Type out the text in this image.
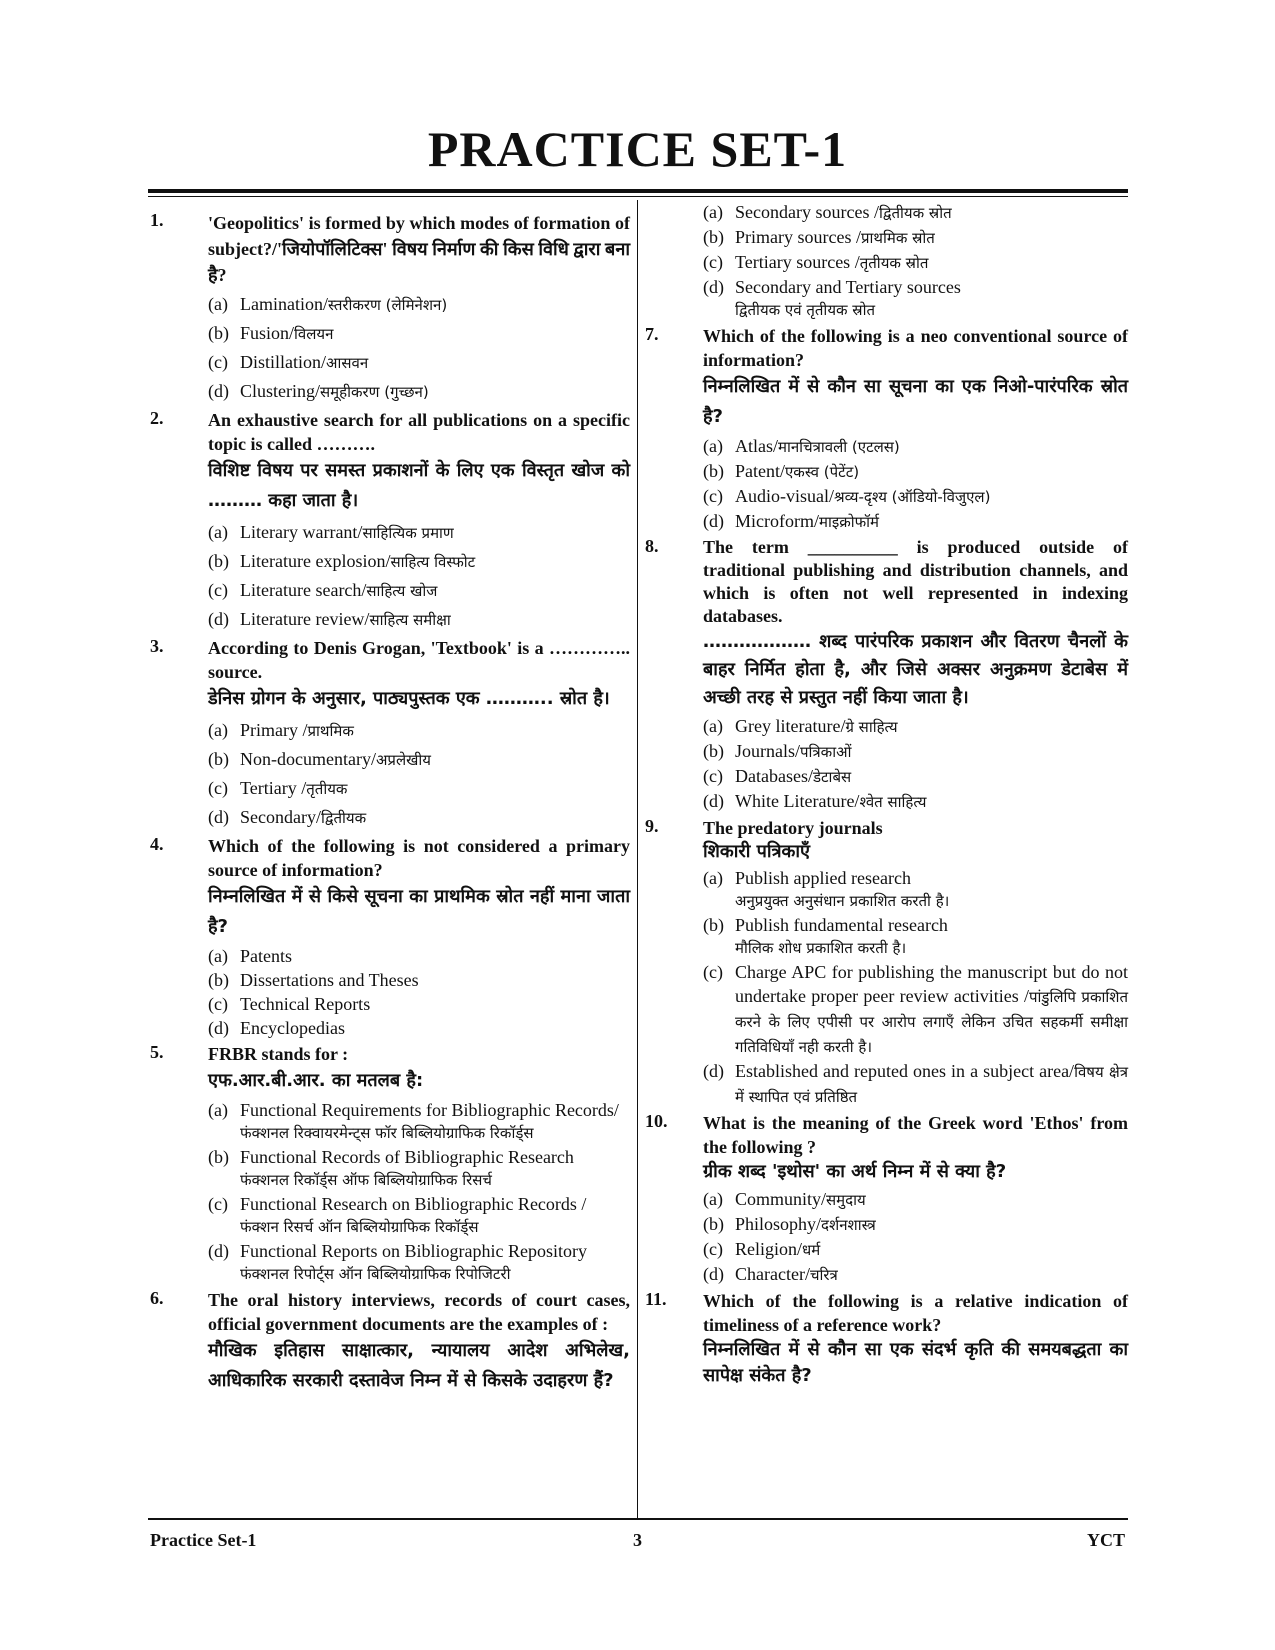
PRACTICE SET-1
1. 'Geopolitics' is formed by which modes of formation of subject?/'जियोपॉलिटिक्स' विषय निर्माण की किस विधि द्वारा बना है?
(a) Lamination/स्तरीकरण (लेमिनेशन)
(b) Fusion/विलयन
(c) Distillation/आसवन
(d) Clustering/समूहीकरण (गुच्छन)
2. An exhaustive search for all publications on a specific topic is called ……….
विशिष्ट विषय पर समस्त प्रकाशनों के लिए एक विस्तृत खोज को ……… कहा जाता है।
(a) Literary warrant/साहित्यिक प्रमाण
(b) Literature explosion/साहित्य विस्फोट
(c) Literature search/साहित्य खोज
(d) Literature review/साहित्य समीक्षा
3. According to Denis Grogan, 'Textbook' is a ………….. source.
डेनिस ग्रोगन के अनुसार, पाठ्यपुस्तक एक ……….. स्रोत है।
(a) Primary /प्राथमिक
(b) Non-documentary/अप्रलेखीय
(c) Tertiary /तृतीयक
(d) Secondary/द्वितीयक
4. Which of the following is not considered a primary source of information?
निम्नलिखित में से किसे सूचना का प्राथमिक स्रोत नहीं माना जाता है?
(a) Patents
(b) Dissertations and Theses
(c) Technical Reports
(d) Encyclopedias
5. FRBR stands for :
एफ.आर.बी.आर. का मतलब है:
(a) Functional Requirements for Bibliographic Records/
फंक्शनल रिक्वायरमेन्ट्स फॉर बिब्लियोग्राफिक रिकॉर्ड्स
(b) Functional Records of Bibliographic Research
फंक्शनल रिकॉर्ड्स ऑफ बिब्लियोग्राफिक रिसर्च
(c) Functional Research on Bibliographic Records /
फंक्शन रिसर्च ऑन बिब्लियोग्राफिक रिकॉर्ड्स
(d) Functional Reports on Bibliographic Repository
फंक्शनल रिपोर्ट्स ऑन बिब्लियोग्राफिक रिपोजिटरी
6. The oral history interviews, records of court cases, official government documents are the examples of :
मौखिक इतिहास साक्षात्कार, न्यायालय आदेश अभिलेख, आधिकारिक सरकारी दस्तावेज निम्न में से किसके उदाहरण हैं?
(a) Secondary sources /द्वितीयक स्रोत
(b) Primary sources /प्राथमिक स्रोत
(c) Tertiary sources /तृतीयक स्रोत
(d) Secondary and Tertiary sources
द्वितीयक एवं तृतीयक स्रोत
7. Which of the following is a neo conventional source of information?
निम्नलिखित में से कौन सा सूचना का एक निओ-पारंपरिक स्रोत है?
(a) Atlas/मानचित्रावली (एटलस)
(b) Patent/एकस्व (पेटेंट)
(c) Audio-visual/श्रव्य-दृश्य (ऑडियो-विजुएल)
(d) Microform/माइक्रोफॉर्म
8. The term __________ is produced outside of traditional publishing and distribution channels, and which is often not well represented in indexing databases.
……………… शब्द पारंपरिक प्रकाशन और वितरण चैनलों के बाहर निर्मित होता है, और जिसे अक्सर अनुक्रमण डेटाबेस में अच्छी तरह से प्रस्तुत नहीं किया जाता है।
(a) Grey literature/ग्रे साहित्य
(b) Journals/पत्रिकाओं
(c) Databases/डेटाबेस
(d) White Literature/श्वेत साहित्य
9. The predatory journals
शिकारी पत्रिकाएँ
(a) Publish applied research
अनुप्रयुक्त अनुसंधान प्रकाशित करती है।
(b) Publish fundamental research
मौलिक शोध प्रकाशित करती है।
(c) Charge APC for publishing the manuscript but do not undertake proper peer review activities /पांडुलिपि प्रकाशित करने के लिए एपीसी पर आरोप लगाएँ लेकिन उचित सहकर्मी समीक्षा गतिविधियाँ नही करती है।
(d) Established and reputed ones in a subject area/विषय क्षेत्र में स्थापित एवं प्रतिष्ठित
10. What is the meaning of the Greek word 'Ethos' from the following ?
ग्रीक शब्द 'इथोस' का अर्थ निम्न में से क्या है?
(a) Community/समुदाय
(b) Philosophy/दर्शनशास्त्र
(c) Religion/धर्म
(d) Character/चरित्र
11. Which of the following is a relative indication of timeliness of a reference work?
निम्नलिखित में से कौन सा एक संदर्भ कृति की समयबद्धता का सापेक्ष संकेत है?
Practice Set-1	3	YCT
